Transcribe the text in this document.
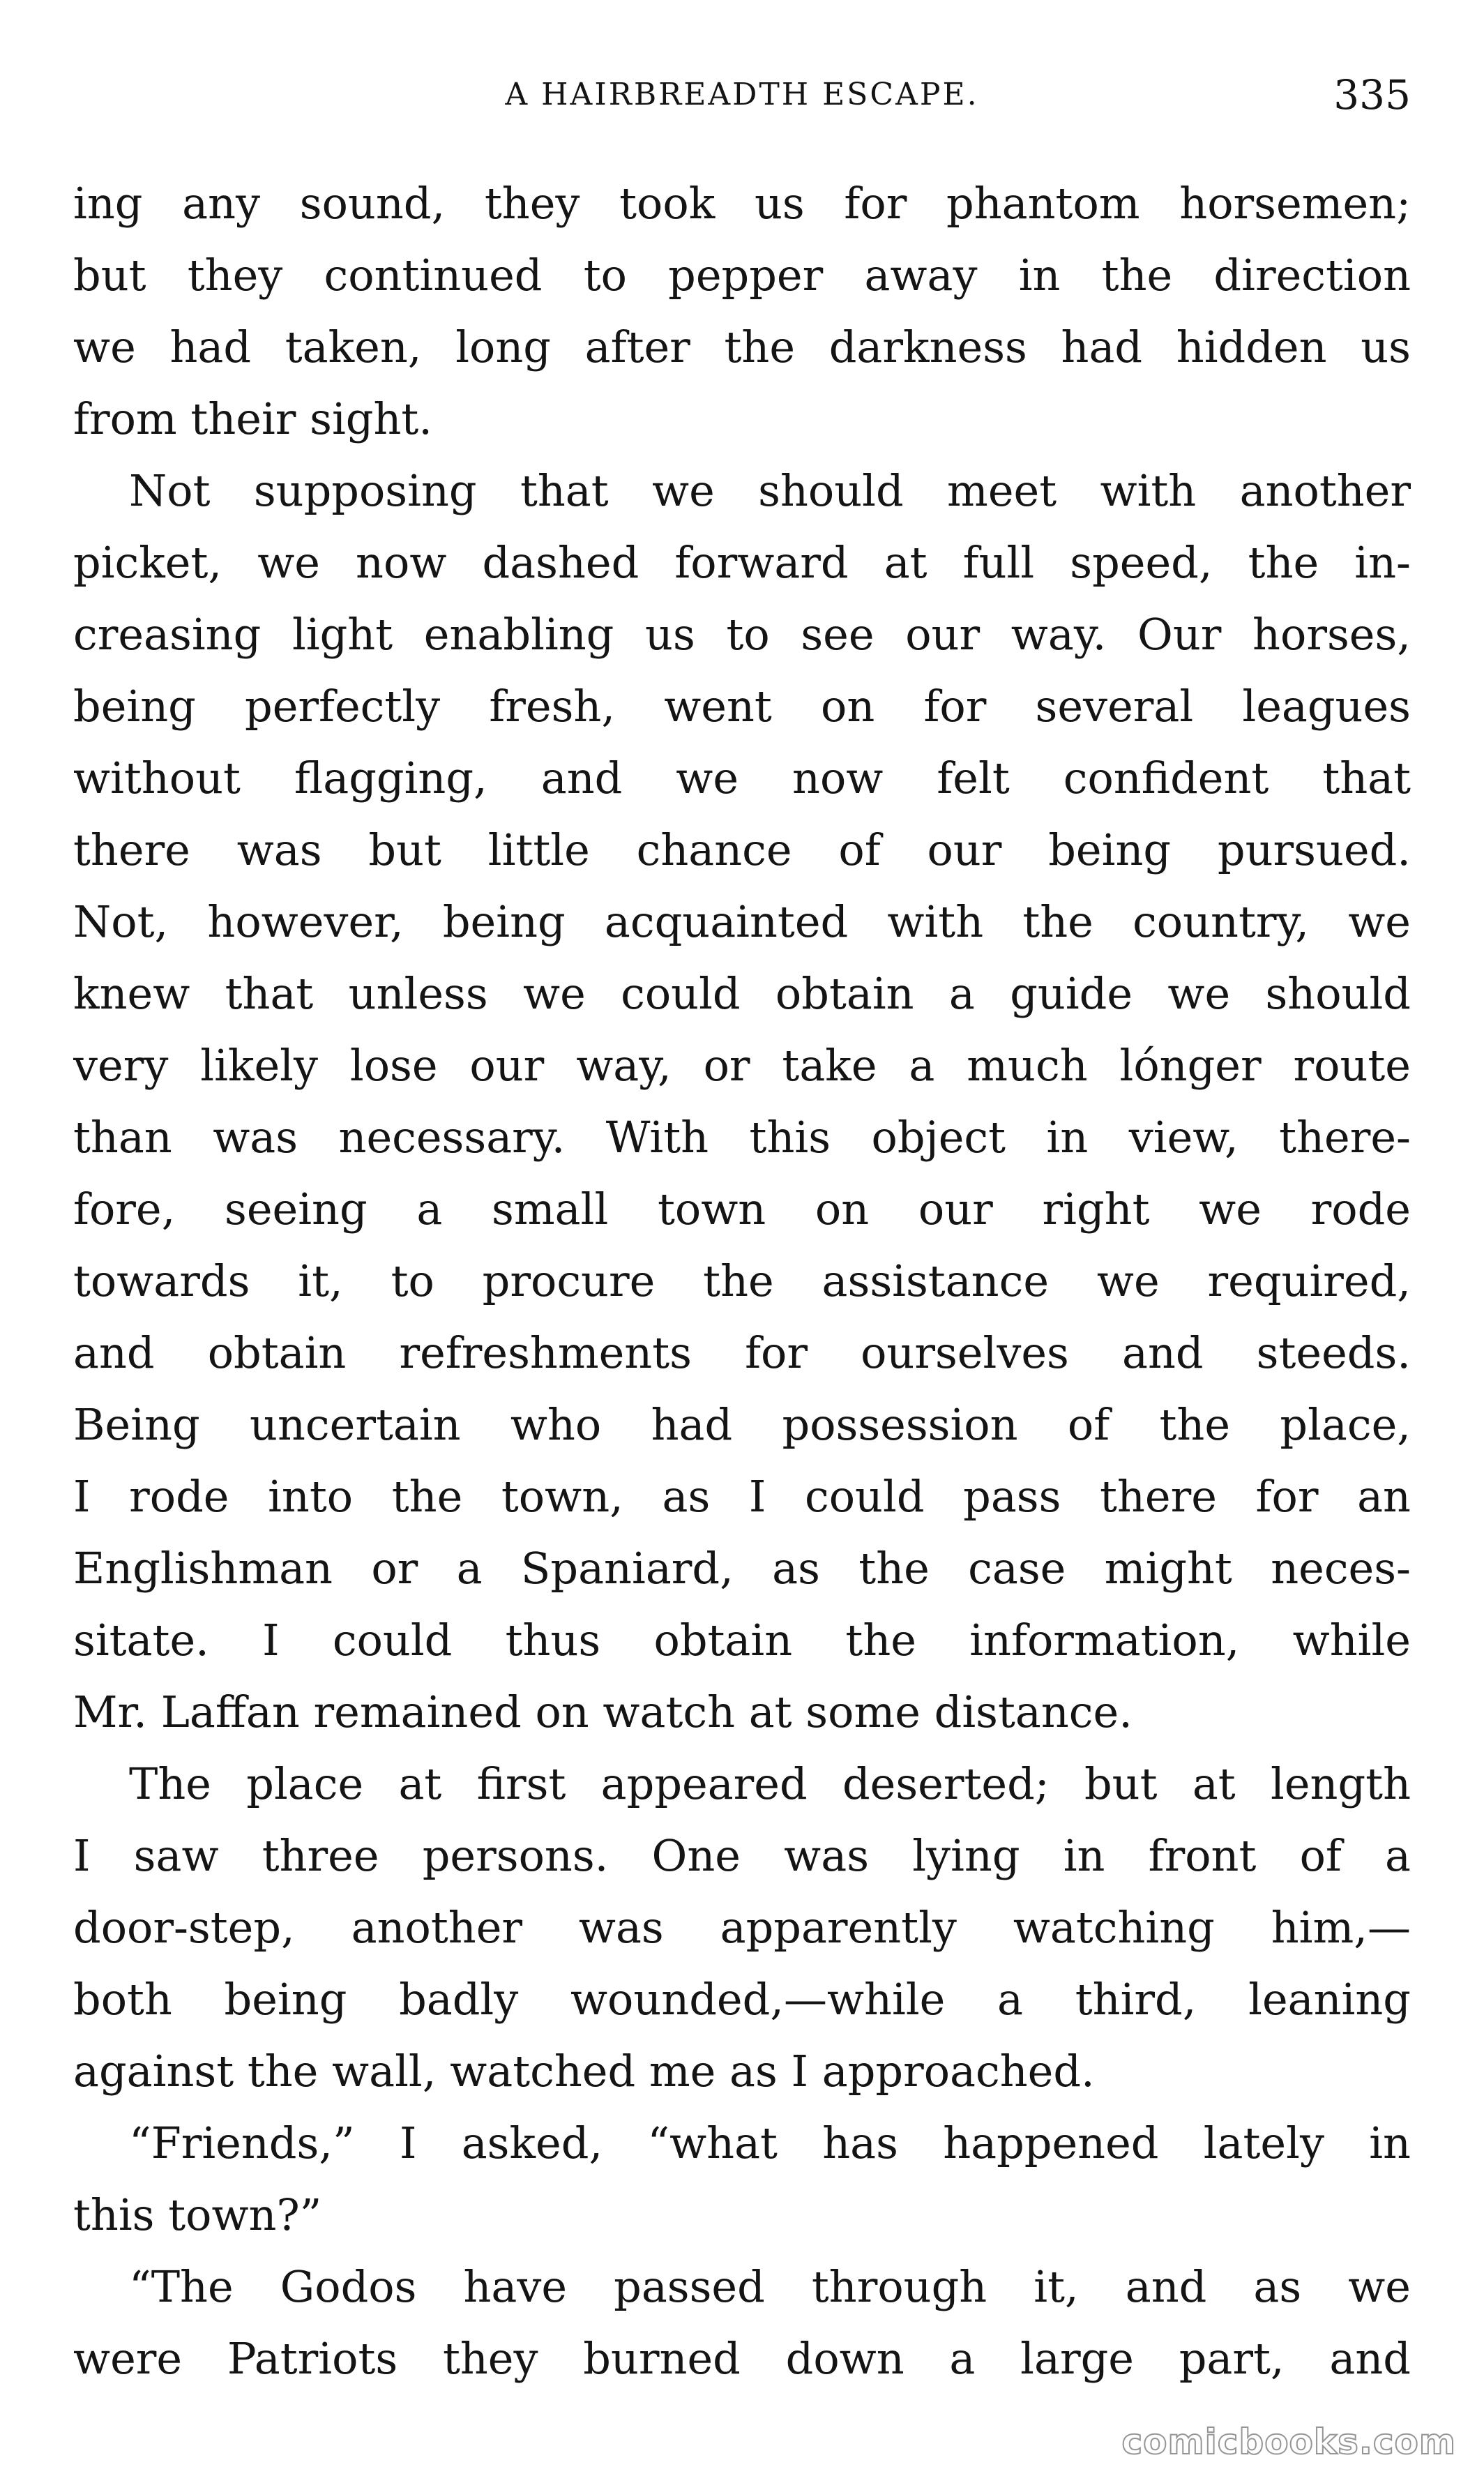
A HAIRBREADTH ESCAPE.	335
ing any sound, they took us for phantom horsemen;
but they continued to pepper away in the direction
we had taken, long after the darkness had hidden us
from their sight.
Not supposing that we should meet with another
picket, we now dashed forward at full speed, the in-
creasing light enabling us to see our way. Our horses,
being perfectly fresh, went on for several leagues
without flagging, and we now felt confident that
there was but little chance of our being pursued.
Not, however, being acquainted with the country, we
knew that unless we could obtain a guide we should
very likely lose our way, or take a much lónger route
than was necessary. With this object in view, there-
fore, seeing a small town on our right we rode
towards it, to procure the assistance we required,
and obtain refreshments for ourselves and steeds.
Being uncertain who had possession of the place,
I rode into the town, as I could pass there for an
Englishman or a Spaniard, as the case might neces-
sitate. I could thus obtain the information, while
Mr. Laffan remained on watch at some distance.
The place at first appeared deserted; but at length
I saw three persons. One was lying in front of a
door-step, another was apparently watching him,—
both being badly wounded,—while a third, leaning
against the wall, watched me as I approached.
“Friends,” I asked, “what has happened lately in
this town?”
“The Godos have passed through it, and as we
were Patriots they burned down a large part, and
comicbooks.com
